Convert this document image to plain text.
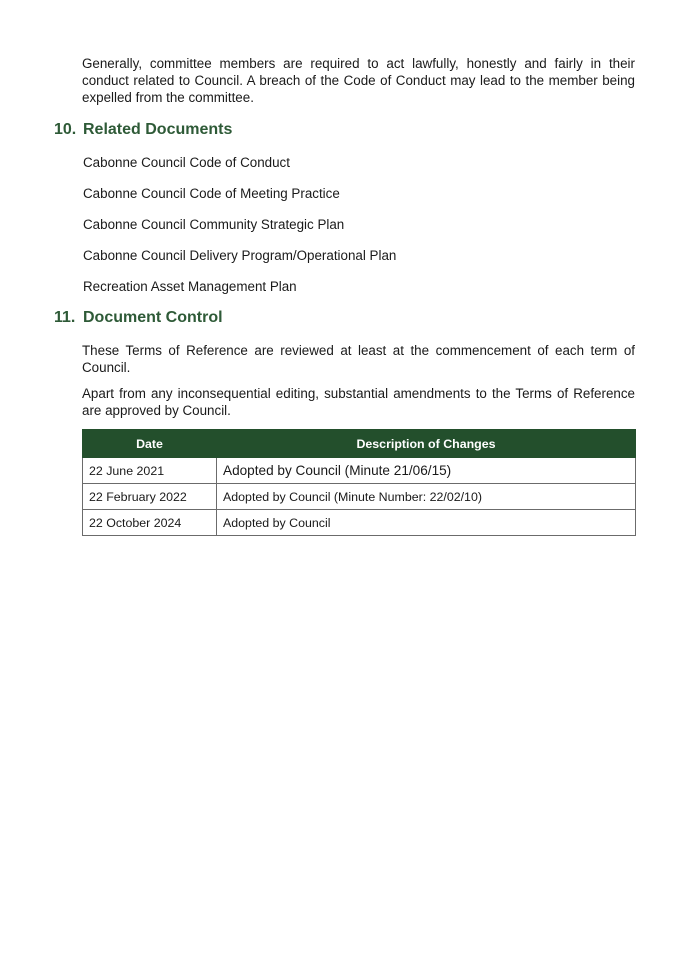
Generally, committee members are required to act lawfully, honestly and fairly in their conduct related to Council. A breach of the Code of Conduct may lead to the member being expelled from the committee.

10. Related Documents
Cabonne Council Code of Conduct
Cabonne Council Code of Meeting Practice
Cabonne Council Community Strategic Plan
Cabonne Council Delivery Program/Operational Plan
Recreation Asset Management Plan
11. Document Control

These Terms of Reference are reviewed at least at the commencement of each term of Council.

Apart from any inconsequential editing, substantial amendments to the Terms of Reference are approved by Council.

Date	Description of Changes
22 June 2021	Adopted by Council (Minute 21/06/15)
22 February 2022	Adopted by Council (Minute Number: 22/02/10)
22 October 2024	Adopted by Council
